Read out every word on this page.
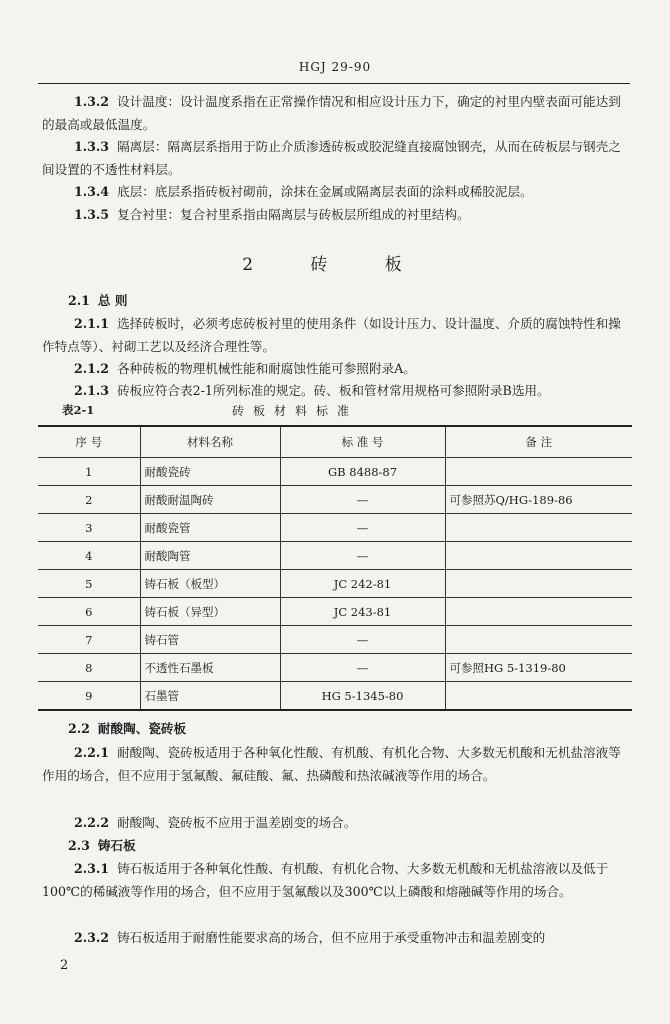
HGJ 29-90
1.3.2 设计温度：设计温度系指在正常操作情况和相应设计压力下，确定的衬里内壁表面可能达到的最高或最低温度。
1.3.3 隔离层：隔离层系指用于防止介质渗透砖板或胶泥缝直接腐蚀钢壳，从而在砖板层与钢壳之间设置的不透性材料层。
1.3.4 底层：底层系指砖板衬砌前，涂抹在金属或隔离层表面的涂料或稀胶泥层。
1.3.5 复合衬里：复合衬里系指由隔离层与砖板层所组成的衬里结构。
2 砖 板
2.1 总 则
2.1.1 选择砖板时，必须考虑砖板衬里的使用条件（如设计压力、设计温度、介质的腐蚀特性和操作特点等）、衬砌工艺以及经济合理性等。
2.1.2 各种砖板的物理机械性能和耐腐蚀性能可参照附录A。
2.1.3 砖板应符合表2-1所列标准的规定。砖、板和管材常用规格可参照附录B选用。
表2-1	砖板材料标准
序 号	材料名称	标 准 号	备 注
1	耐酸瓷砖	GB 8488-87	
2	耐酸耐温陶砖	—	可参照苏Q/HG-189-86
3	耐酸瓷管	—	
4	耐酸陶管	—	
5	铸石板（板型）	JC 242-81	
6	铸石板（异型）	JC 243-81	
7	铸石管	—	
8	不透性石墨板	—	可参照HG 5-1319-80
9	石墨管	HG 5-1345-80	
2.2 耐酸陶、瓷砖板
2.2.1 耐酸陶、瓷砖板适用于各种氧化性酸、有机酸、有机化合物、大多数无机酸和无机盐溶液等作用的场合，但不应用于氢氟酸、氟硅酸、氟、热磷酸和热浓碱液等作用的场合。
2.2.2 耐酸陶、瓷砖板不应用于温差剧变的场合。
2.3 铸石板
2.3.1 铸石板适用于各种氧化性酸、有机酸、有机化合物、大多数无机酸和无机盐溶液以及低于100℃的稀碱液等作用的场合，但不应用于氢氟酸以及300℃以上磷酸和熔融碱等作用的场合。
2.3.2 铸石板适用于耐磨性能要求高的场合，但不应用于承受重物冲击和温差剧变的
2
